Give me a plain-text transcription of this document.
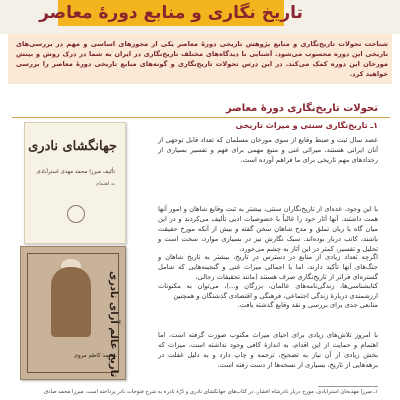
تاریخ نگاری و منابع دورهٔ معاصر
شناخت تحولات تاریخ‌نگاری و منابع پژوهش تاریخی دورهٔ معاصر یکی از محورهای اساسی و مهم در بررسی‌های تاریخی این دوره محسوب می‌شود. آشنایی با دیدگاه‌های مختلف تاریخ‌نگاری در ایران به شما در درک روش و بینش مورخان این دوره کمک می‌کند. در این درس تحولات تاریخ‌نگاری و گونه‌های منابع تاریخی دورهٔ معاصر را بررسی خواهید کرد.
تحولات تاریخ‌نگاری دورهٔ معاصر
۱ـ تاریخ‌نگاری سنتی و میراث تاریخی
عصد سال ثبت و ضبط وقایع از سوی مورخان مسلمان که تعداد قابل توجهی از آنان ایرانی هستند، میراثی غنی و منبع مهمی برای فهم و تفسیر بسیاری از رخدادهای مهم تاریخی برای ما فراهم آورده است.
با این وجود، عده‌ای از تاریخ‌نگاران سنتی، بیشتر به ثبت وقایع شاهان و امور آنها همت داشتند. آنها آثار خود را غالباً با خصوصیات ادبی تألیف می‌کردند و در این میان گاه با زبان تملق و مدح شاهان سخن گفته و بیش از آنکه مورخ حقیقت باشند، کاتب دربار بوده‌اند. سبک نگارش نیز در بسیاری موارد، سخت است و تحلیل و تفسیر، کمتر در این آثار به چشم می‌خورد.
اگرچه تعداد زیادی از منابع در دسترس در تاریخ، بیشتر به تاریخ شاهان و جنگ‌های آنها تأکید دارند، اما با اجمالی میراث غنی و گنجینه‌هایی که شامل گستره‌ای فراتر از تاریخ‌نگاری صرف هستند (مانند تحقیقات رجالی،
کتابشناسی‌ها، زندگی‌نامه‌های عالمان، بزرگان و...)، می‌توان به مکنونات ارزشمندی دربارهٔ زندگی اجتماعی، فرهنگی و اقتصادی گذشتگان و همچنین
منابعی جدی برای بررسی و نقد وقایع گذشته یافت.
با امروز تلاش‌های زیادی برای احیای میراث مکتوب صورت گرفته است، اما اهتمام و حمایت از این اقدام، به اندازهٔ کافی وجود نداشته است. میراث که بخش زیادی از آن نیاز به تصحیح، ترجمه و چاپ دارد و به دلیل غفلت در برهه‌هایی از تاریخ، بسیاری از نسخه‌ها از دست رفته است.
جهانگشای نادری
تألیف میرزا محمد مهدی استرآبادی
به اهتمام
تاریخ عالم آرای نادری
محمد کاظم مروی
۱ـ میرزا مهدیخان استرآبادی، مورخ دربار نادرشاه افشار، در کتاب‌های جهانگشای نادری و دُرّهٔ نادره به شرح فتوحات نادر پرداخته است. میرزا محمد صادق
